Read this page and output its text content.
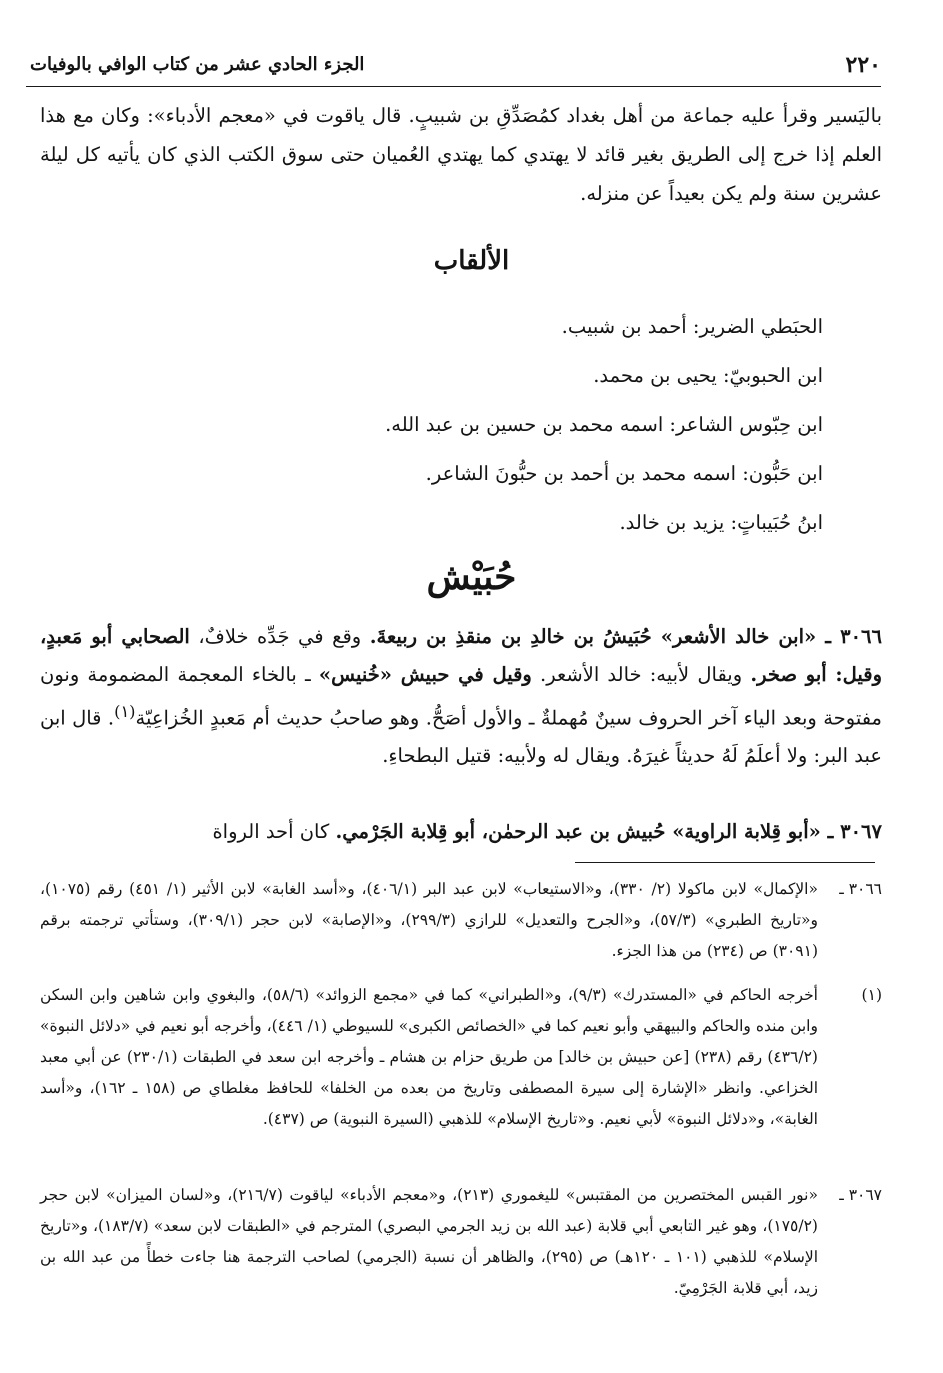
٢٢٠
الجزء الحادي عشر من كتاب الوافي بالوفيات

باليَسير وقرأ عليه جماعة من أهل بغداد كمُصَدِّقِ بن شبيبٍ. قال ياقوت في «معجم الأدباء»: وكان مع هذا العلم إذا خرج إلى الطريق بغير قائد لا يهتدي كما يهتدي العُميان حتى سوق الكتب الذي كان يأتيه كل ليلة عشرين سنة ولم يكن بعيداً عن منزله.

الألقاب
الحبَطي الضرير: أحمد بن شبيب.
ابن الحبوبيّ: يحيى بن محمد.
ابن حِبّوس الشاعر: اسمه محمد بن حسين بن عبد الله.
ابن حَبُّون: اسمه محمد بن أحمد بن حبُّونَ الشاعر.
ابنُ حُبَيباتٍ: يزيد بن خالد.
حُبَيْش

٣٠٦٦ ـ «ابن خالد الأشعر» حُبَيشُ بن خالدِ بن منقذِ بن ربيعةَ. وقع في جَدِّه خلافٌ، الصحابي أبو مَعبدٍ، وقيل: أبو صخر. ويقال لأبيه: خالد الأشعر. وقيل في حبيش «خُنيس» ـ بالخاء المعجمة المضمومة ونون مفتوحة وبعد الياء آخر الحروف سينٌ مُهملةٌ ـ والأول أصَحُّ. وهو صاحبُ حديث أم مَعبدٍ الخُزاعِيّة$^{(١)}$. قال ابن عبد البر: ولا أعلَمُ لَهُ حديثاً غيرَهُ. ويقال له ولأبيه: قتيل البطحاءِ.

٣٠٦٧ ـ «أبو قِلابة الراوية» حُبيش بن عبد الرحمٰن، أبو قِلابة الجَرْمي. كان أحد الرواة

٣٠٦٦ ـ
«الإكمال» لابن ماكولا (٢/ ٣٣٠)، و«الاستيعاب» لابن عبد البر (٤٠٦/١)، و«أسد الغابة» لابن الأثير (١/ ٤٥١) رقم (١٠٧٥)، و«تاريخ الطبري» (٥٧/٣)، و«الجرح والتعديل» للرازي (٢٩٩/٣)، و«الإصابة» لابن حجر (٣٠٩/١)، وستأتي ترجمته برقم (٣٠٩١) ص (٢٣٤) من هذا الجزء.
(١)
أخرجه الحاكم في «المستدرك» (٩/٣)، و«الطبراني» كما في «مجمع الزوائد» (٥٨/٦)، والبغوي وابن شاهين وابن السكن وابن منده والحاكم والبيهقي وأبو نعيم كما في «الخصائص الكبرى» للسيوطي (١/ ٤٤٦)، وأخرجه أبو نعيم في «دلائل النبوة» (٤٣٦/٢) رقم (٢٣٨) [عن حبيش بن خالد] من طريق حزام بن هشام ـ وأخرجه ابن سعد في الطبقات (٢٣٠/١) عن أبي معبد الخزاعي. وانظر «الإشارة إلى سيرة المصطفى وتاريخ من بعده من الخلفا» للحافظ مغلطاي ص (١٥٨ ـ ١٦٢)، و«أسد الغابة»، و«دلائل النبوة» لأبي نعيم. و«تاريخ الإسلام» للذهبي (السيرة النبوية) ص (٤٣٧).
٣٠٦٧ ـ
«نور القبس المختصرين من المقتبس» لليغموري (٢١٣)، و«معجم الأدباء» لياقوت (٢١٦/٧)، و«لسان الميزان» لابن حجر (١٧٥/٢)، وهو غير التابعي أبي قلابة (عبد الله بن زيد الجرمي البصري) المترجم في «الطبقات لابن سعد» (١٨٣/٧)، و«تاريخ الإسلام» للذهبي (١٠١ ـ ١٢٠هـ) ص (٢٩٥)، والظاهر أن نسبة (الجرمي) لصاحب الترجمة هنا جاءت خطأً من عبد الله بن زيد، أبي قلابة الجَرْمِيّ.
